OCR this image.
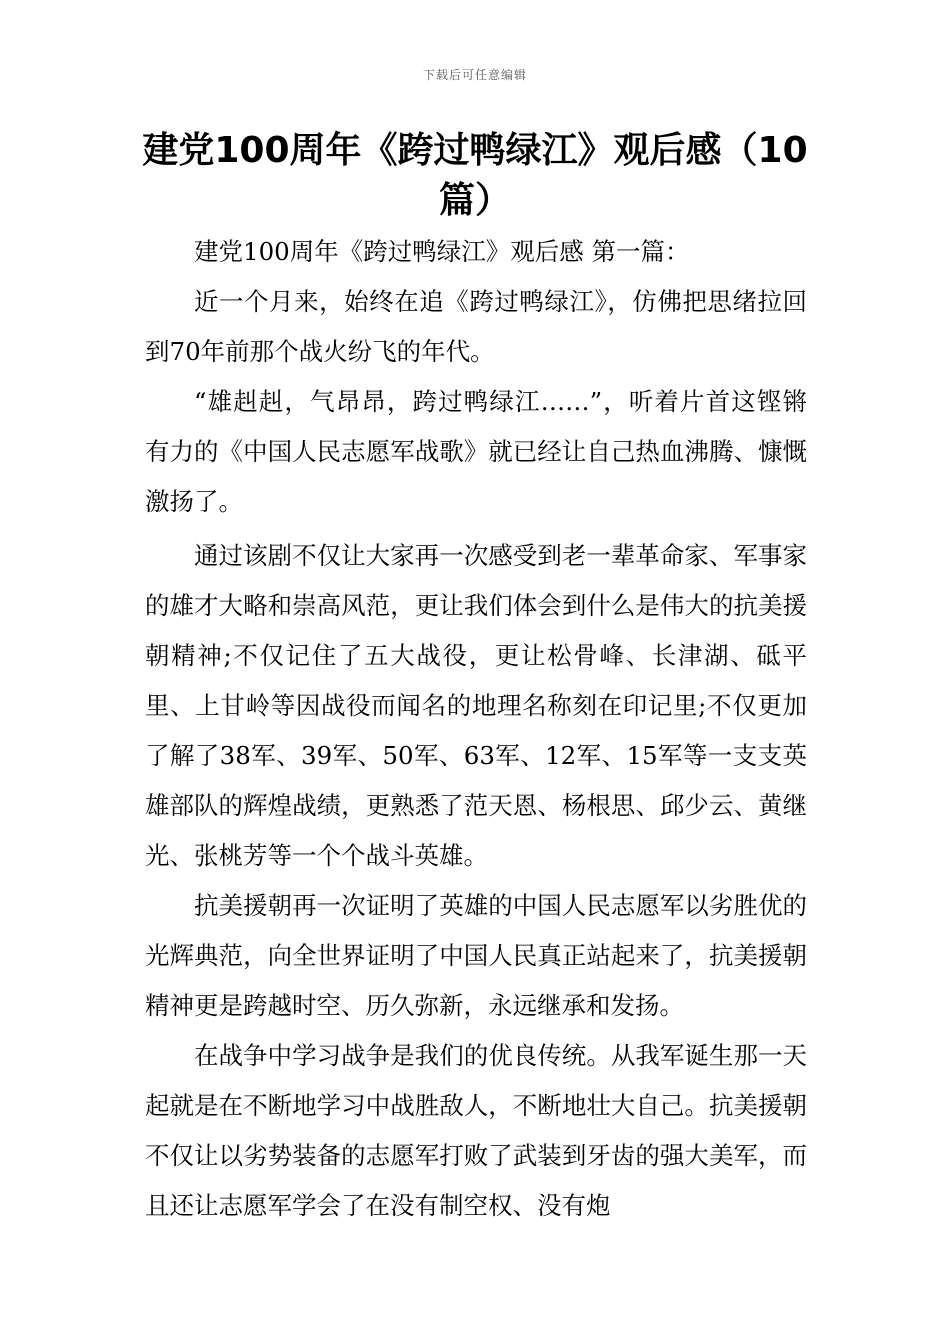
下载后可任意编辑
建党100周年《跨过鸭绿江》观后感（10篇）

建党100周年《跨过鸭绿江》观后感 第一篇：

近一个月来，始终在追《跨过鸭绿江》，仿佛把思绪拉回到70年前那个战火纷飞的年代。

“雄赳赳，气昂昂，跨过鸭绿江……”，听着片首这铿锵有力的《中国人民志愿军战歌》就已经让自己热血沸腾、慷慨激扬了。

通过该剧不仅让大家再一次感受到老一辈革命家、军事家的雄才大略和崇高风范，更让我们体会到什么是伟大的抗美援朝精神;不仅记住了五大战役，更让松骨峰、长津湖、砥平里、上甘岭等因战役而闻名的地理名称刻在印记里;不仅更加了解了38军、39军、50军、63军、12军、15军等一支支英雄部队的辉煌战绩，更熟悉了范天恩、杨根思、邱少云、黄继光、张桃芳等一个个战斗英雄。

抗美援朝再一次证明了英雄的中国人民志愿军以劣胜优的光辉典范，向全世界证明了中国人民真正站起来了，抗美援朝精神更是跨越时空、历久弥新，永远继承和发扬。

在战争中学习战争是我们的优良传统。从我军诞生那一天起就是在不断地学习中战胜敌人，不断地壮大自己。抗美援朝不仅让以劣势装备的志愿军打败了武装到牙齿的强大美军，而且还让志愿军学会了在没有制空权、没有炮
